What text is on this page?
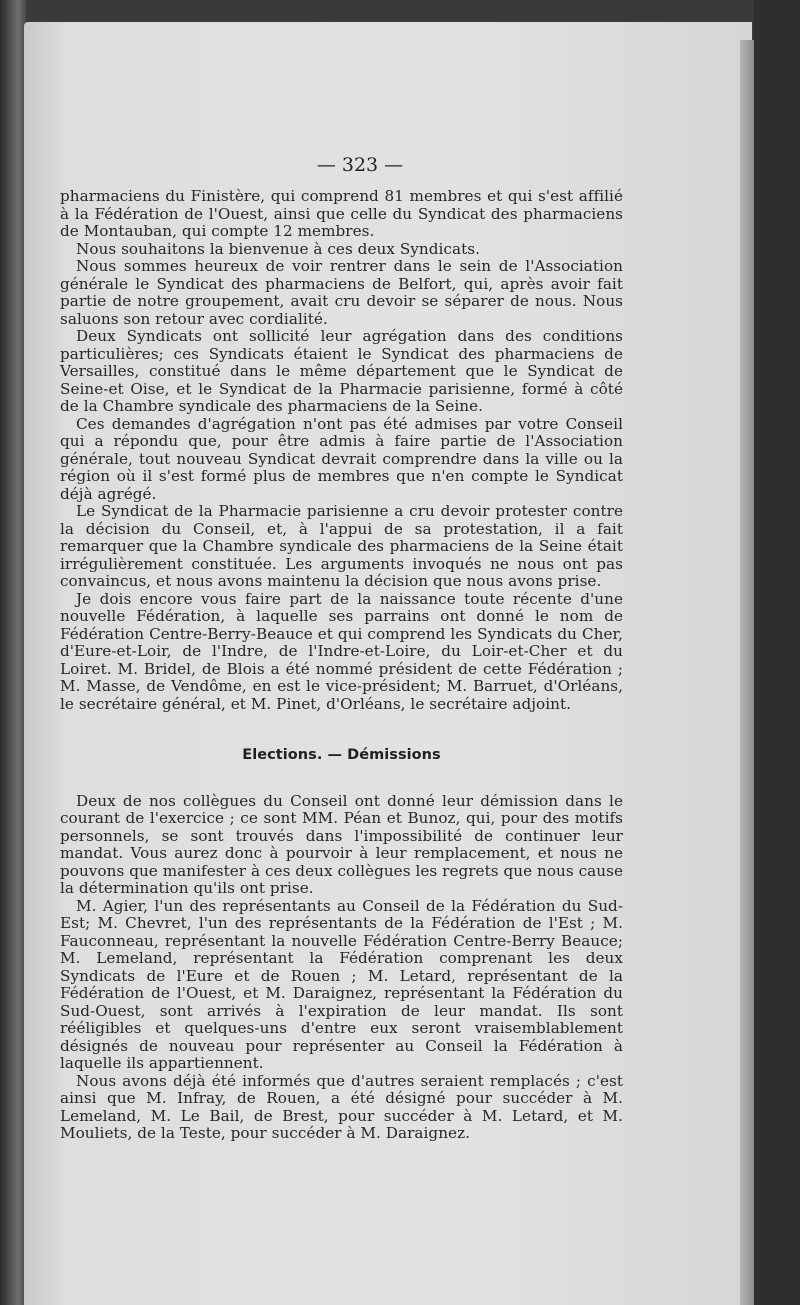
— 323 —

pharmaciens du Finistère, qui comprend 81 membres et qui s'est affilié à la Fédération de l'Ouest, ainsi que celle du Syndicat des pharmaciens de Montauban, qui compte 12 membres.

Nous souhaitons la bienvenue à ces deux Syndicats.

Nous sommes heureux de voir rentrer dans le sein de l'Association générale le Syndicat des pharmaciens de Belfort, qui, après avoir fait partie de notre groupement, avait cru devoir se séparer de nous. Nous saluons son retour avec cordialité.

Deux Syndicats ont sollicité leur agrégation dans des conditions particulières; ces Syndicats étaient le Syndicat des pharmaciens de Versailles, constitué dans le même département que le Syndicat de Seine-et Oise, et le Syndicat de la Pharmacie parisienne, formé à côté de la Chambre syndicale des pharmaciens de la Seine.

Ces demandes d'agrégation n'ont pas été admises par votre Conseil qui a répondu que, pour être admis à faire partie de l'Association générale, tout nouveau Syndicat devrait comprendre dans la ville ou la région où il s'est formé plus de membres que n'en compte le Syndicat déjà agrégé.

Le Syndicat de la Pharmacie parisienne a cru devoir protester contre la décision du Conseil, et, à l'appui de sa protestation, il a fait remarquer que la Chambre syndicale des pharmaciens de la Seine était irrégulièrement constituée. Les arguments invoqués ne nous ont pas convaincus, et nous avons maintenu la décision que nous avons prise.

Je dois encore vous faire part de la naissance toute récente d'une nouvelle Fédération, à laquelle ses parrains ont donné le nom de Fédération Centre-Berry-Beauce et qui comprend les Syndicats du Cher, d'Eure-et-Loir, de l'Indre, de l'Indre-et-Loire, du Loir-et-Cher et du Loiret. M. Bridel, de Blois a été nommé président de cette Fédération ; M. Masse, de Vendôme, en est le vice-président; M. Barruet, d'Orléans, le secrétaire général, et M. Pinet, d'Orléans, le secrétaire adjoint.

Elections. — Démissions

Deux de nos collègues du Conseil ont donné leur démission dans le courant de l'exercice ; ce sont MM. Péan et Bunoz, qui, pour des motifs personnels, se sont trouvés dans l'impossibilité de continuer leur mandat. Vous aurez donc à pourvoir à leur remplacement, et nous ne pouvons que manifester à ces deux collègues les regrets que nous cause la détermination qu'ils ont prise.

M. Agier, l'un des représentants au Conseil de la Fédération du Sud-Est; M. Chevret, l'un des représentants de la Fédération de l'Est ; M. Fauconneau, représentant la nouvelle Fédération Centre-Berry Beauce; M. Lemeland, représentant la Fédération comprenant les deux Syndicats de l'Eure et de Rouen ; M. Letard, représentant de la Fédération de l'Ouest, et M. Daraignez, représentant la Fédération du Sud-Ouest, sont arrivés à l'expiration de leur mandat. Ils sont rééligibles et quelques-uns d'entre eux seront vraisemblablement désignés de nouveau pour représenter au Conseil la Fédération à laquelle ils appartiennent.

Nous avons déjà été informés que d'autres seraient remplacés ; c'est ainsi que M. Infray, de Rouen, a été désigné pour succéder à M. Lemeland, M. Le Bail, de Brest, pour succéder à M. Letard, et M. Mouliets, de la Teste, pour succéder à M. Daraignez.
